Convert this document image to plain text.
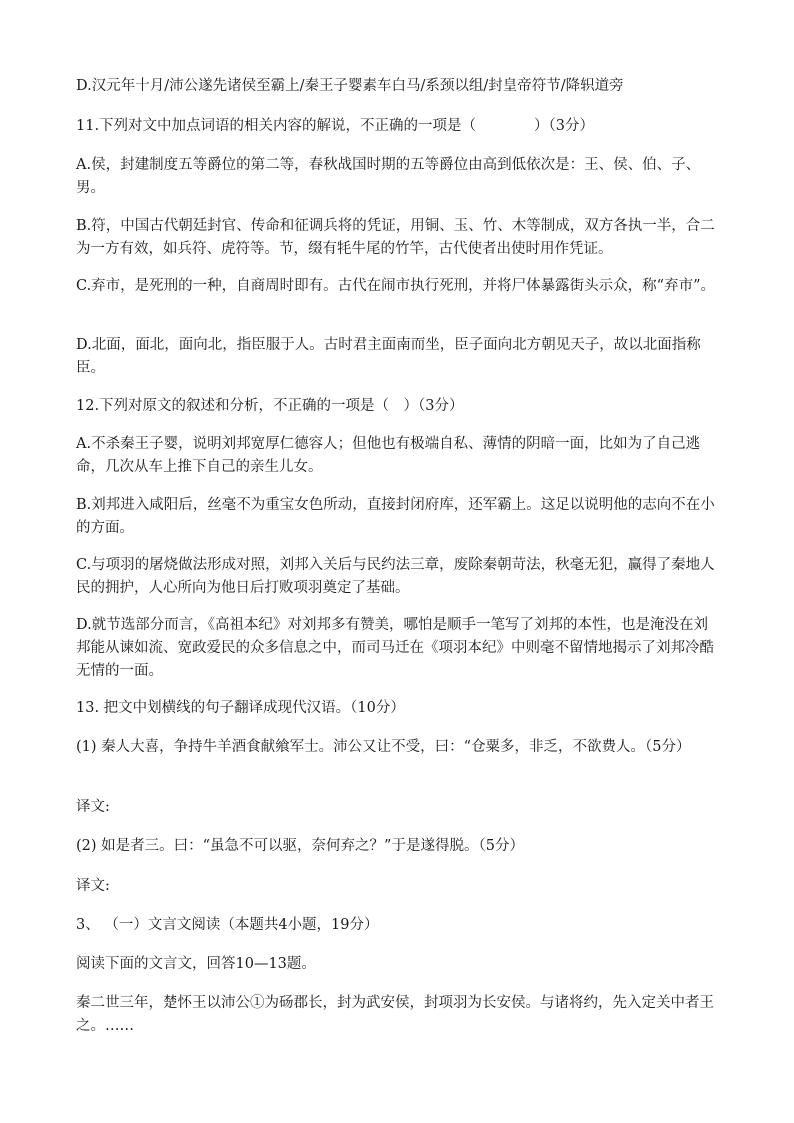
D.汉元年十月/沛公遂先诸侯至霸上/秦王子婴素车白马/系颈以组/封皇帝符节/降轵道旁

11.下列对文中加点词语的相关内容的解说，不正确的一项是（　　　　）（3分）

A.侯，封建制度五等爵位的第二等，春秋战国时期的五等爵位由高到低依次是：王、侯、伯、子、男。

B.符，中国古代朝廷封官、传命和征调兵将的凭证，用铜、玉、竹、木等制成，双方各执一半，合二为一方有效，如兵符、虎符等。节，缀有牦牛尾的竹竿，古代使者出使时用作凭证。

C.弃市，是死刑的一种，自商周时即有。古代在闹市执行死刑，并将尸体暴露街头示众，称“弃市”。

D.北面，面北，面向北，指臣服于人。古时君主面南而坐，臣子面向北方朝见天子，故以北面指称臣。

12.下列对原文的叙述和分析，不正确的一项是（　）（3分）

A.不杀秦王子婴，说明刘邦宽厚仁德容人；但他也有极端自私、薄情的阴暗一面，比如为了自己逃命，几次从车上推下自己的亲生儿女。

B.刘邦进入咸阳后，丝毫不为重宝女色所动，直接封闭府库，还军霸上。这足以说明他的志向不在小的方面。

C.与项羽的屠烧做法形成对照，刘邦入关后与民约法三章，废除秦朝苛法，秋毫无犯，赢得了秦地人民的拥护，人心所向为他日后打败项羽奠定了基础。

D.就节选部分而言，《高祖本纪》对刘邦多有赞美，哪怕是顺手一笔写了刘邦的本性，也是淹没在刘邦能从谏如流、宽政爱民的众多信息之中，而司马迁在《项羽本纪》中则毫不留情地揭示了刘邦冷酷无情的一面。

13. 把文中划横线的句子翻译成现代汉语。（10分）

(1) 秦人大喜，争持牛羊酒食献飨军士。沛公又让不受，曰：“仓粟多，非乏，不欲费人。（5分）

译文:

(2) 如是者三。曰：“虽急不可以驱，奈何弃之？”于是遂得脱。（5分）

译文:

3、 （一）文言文阅读（本题共4小题，19分）

阅读下面的文言文，回答10—13题。

秦二世三年，楚怀王以沛公①为砀郡长，封为武安侯，封项羽为长安侯。与诸将约，先入定关中者王之。……
